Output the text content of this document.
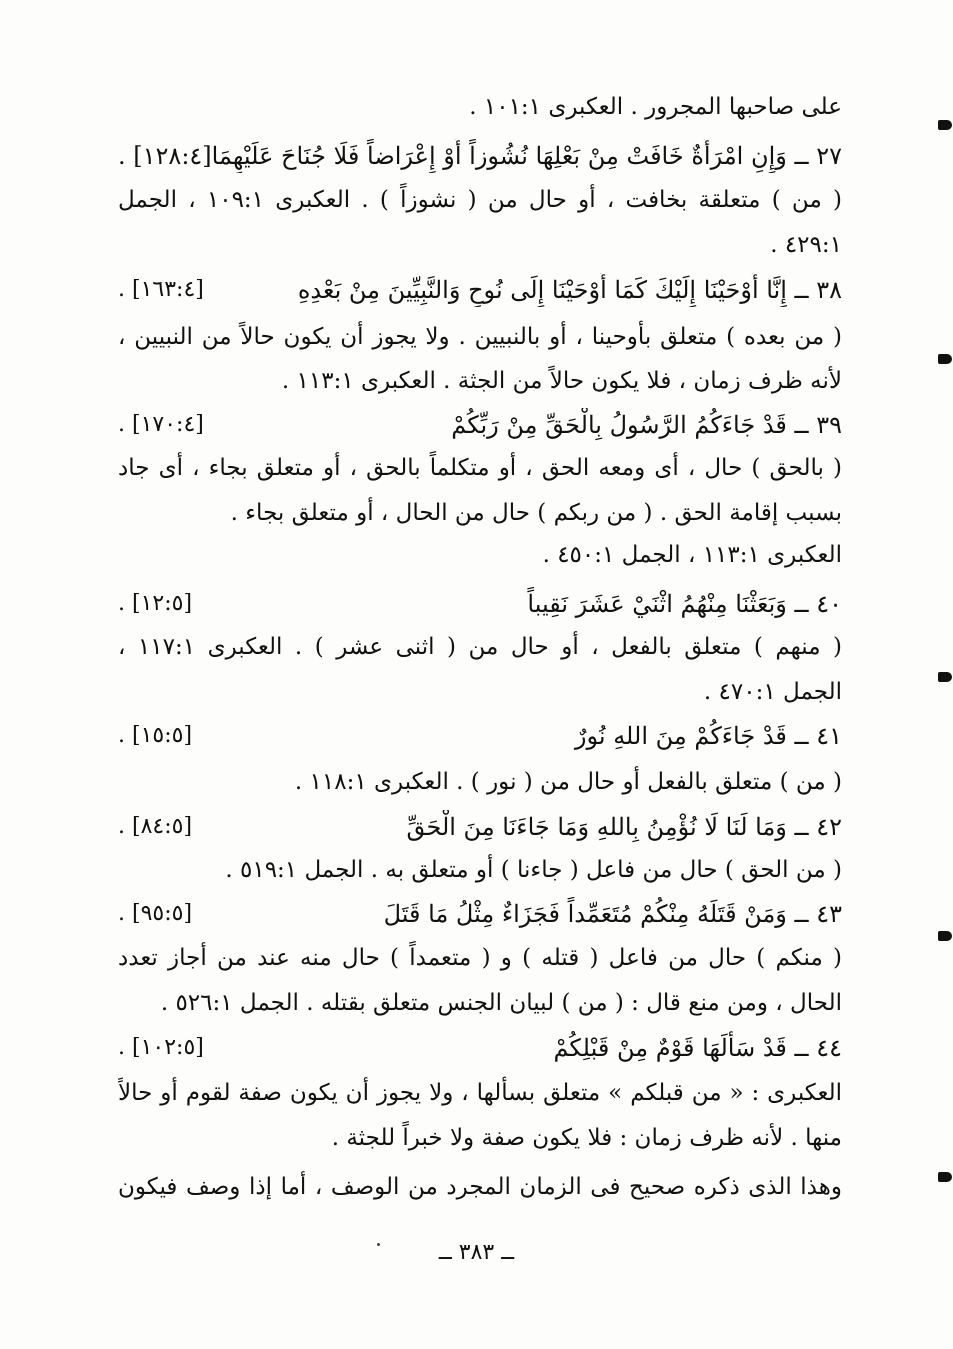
على صاحبها المجرور . العكبرى ١٠١:١ .
٢٧ ــ وَإِنِ امْرَأَةٌ خَافَتْ مِنْ بَعْلِهَا نُشُوزاً أَوْ إِعْرَاضاً فَلَا جُنَاحَ عَلَيْهِمَا[١٢٨:٤] .
( من ) متعلقة بخافت ، أو حال من ( نشوزاً ) . العكبرى ١٠٩:١ ، الجمل
٤٢٩:١ .
٣٨ ــ إِنَّا أَوْحَيْنَا إِلَيْكَ كَمَا أَوْحَيْنَا إِلَى نُوحٍ وَالنَّبِيِّينَ مِنْ بَعْدِهِ
[١٦٣:٤] .
( من بعده ) متعلق بأوحينا ، أو بالنبيين . ولا يجوز أن يكون حالاً من النبيين ،
لأنه ظرف زمان ، فلا يكون حالاً من الجثة . العكبرى ١١٣:١ .
٣٩ ــ قَدْ جَاءَكُمُ الرَّسُولُ بِالْحَقِّ مِنْ رَبِّكُمْ
[١٧٠:٤] .
( بالحق ) حال ، أى ومعه الحق ، أو متكلماً بالحق ، أو متعلق بجاء ، أى جاد
بسبب إقامة الحق . ( من ربكم ) حال من الحال ، أو متعلق بجاء .
العكبرى ١١٣:١ ، الجمل ٤٥٠:١ .
٤٠ ــ وَبَعَثْنَا مِنْهُمُ اثْنَيْ عَشَرَ نَقِيباً
[١٢:٥] .
( منهم ) متعلق بالفعل ، أو حال من ( اثنى عشر ) . العكبرى ١١٧:١ ،
الجمل ٤٧٠:١ .
٤١ ــ قَدْ جَاءَكُمْ مِنَ اللهِ نُورٌ
[١٥:٥] .
( من ) متعلق بالفعل أو حال من ( نور ) . العكبرى ١١٨:١ .
٤٢ ــ وَمَا لَنَا لَا نُؤْمِنُ بِاللهِ وَمَا جَاءَنَا مِنَ الْحَقِّ
[٨٤:٥] .
( من الحق ) حال من فاعل ( جاءنا ) أو متعلق به . الجمل ٥١٩:١ .
٤٣ ــ وَمَنْ قَتَلَهُ مِنْكُمْ مُتَعَمِّداً فَجَزَاءٌ مِثْلُ مَا قَتَلَ
[٩٥:٥] .
( منكم ) حال من فاعل ( قتله ) و ( متعمداً ) حال منه عند من أجاز تعدد
الحال ، ومن منع قال : ( من ) لبيان الجنس متعلق بقتله . الجمل ٥٢٦:١ .
٤٤ ــ قَدْ سَأَلَهَا قَوْمٌ مِنْ قَبْلِكُمْ
[١٠٢:٥] .
العكبرى : « من قبلكم » متعلق بسألها ، ولا يجوز أن يكون صفة لقوم أو حالاً
منها . لأنه ظرف زمان : فلا يكون صفة ولا خبراً للجثة .
وهذا الذى ذكره صحيح فى الزمان المجرد من الوصف ، أما إذا وصف فيكون
ــ ٣٨٣ ــ
